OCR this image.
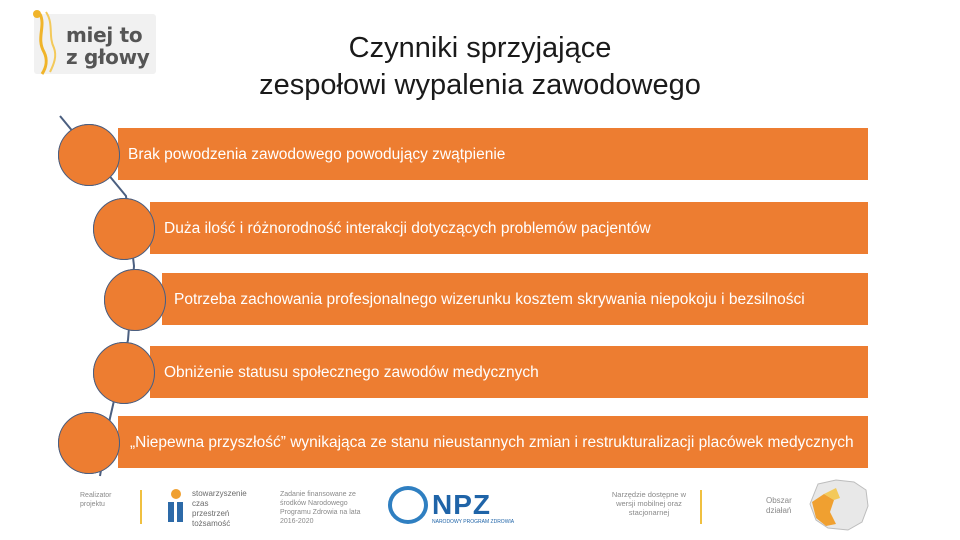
miej to
z głowy	Czynniki sprzyjające
zespołowi wypalenia zawodowego
Brak powodzenia zawodowego powodujący zwątpienie
Duża ilość i różnorodność interakcji dotyczących problemów pacjentów
Potrzeba zachowania profesjonalnego wizerunku kosztem skrywania niepokoju i bezsilności
Obniżenie statusu społecznego zawodów medycznych
„Niepewna przyszłość” wynikająca ze stanu nieustannych zmian i restrukturalizacji placówek medycznych
Realizator projektu
stowarzyszenie
czas
przestrzeń
tożsamość
Zadanie finansowane ze środków Narodowego Programu Zdrowia na lata 2016-2020
NPZ
NARODOWY PROGRAM ZDROWIA
Narzędzie dostępne w wersji mobilnej oraz stacjonarnej
Obszar działań
